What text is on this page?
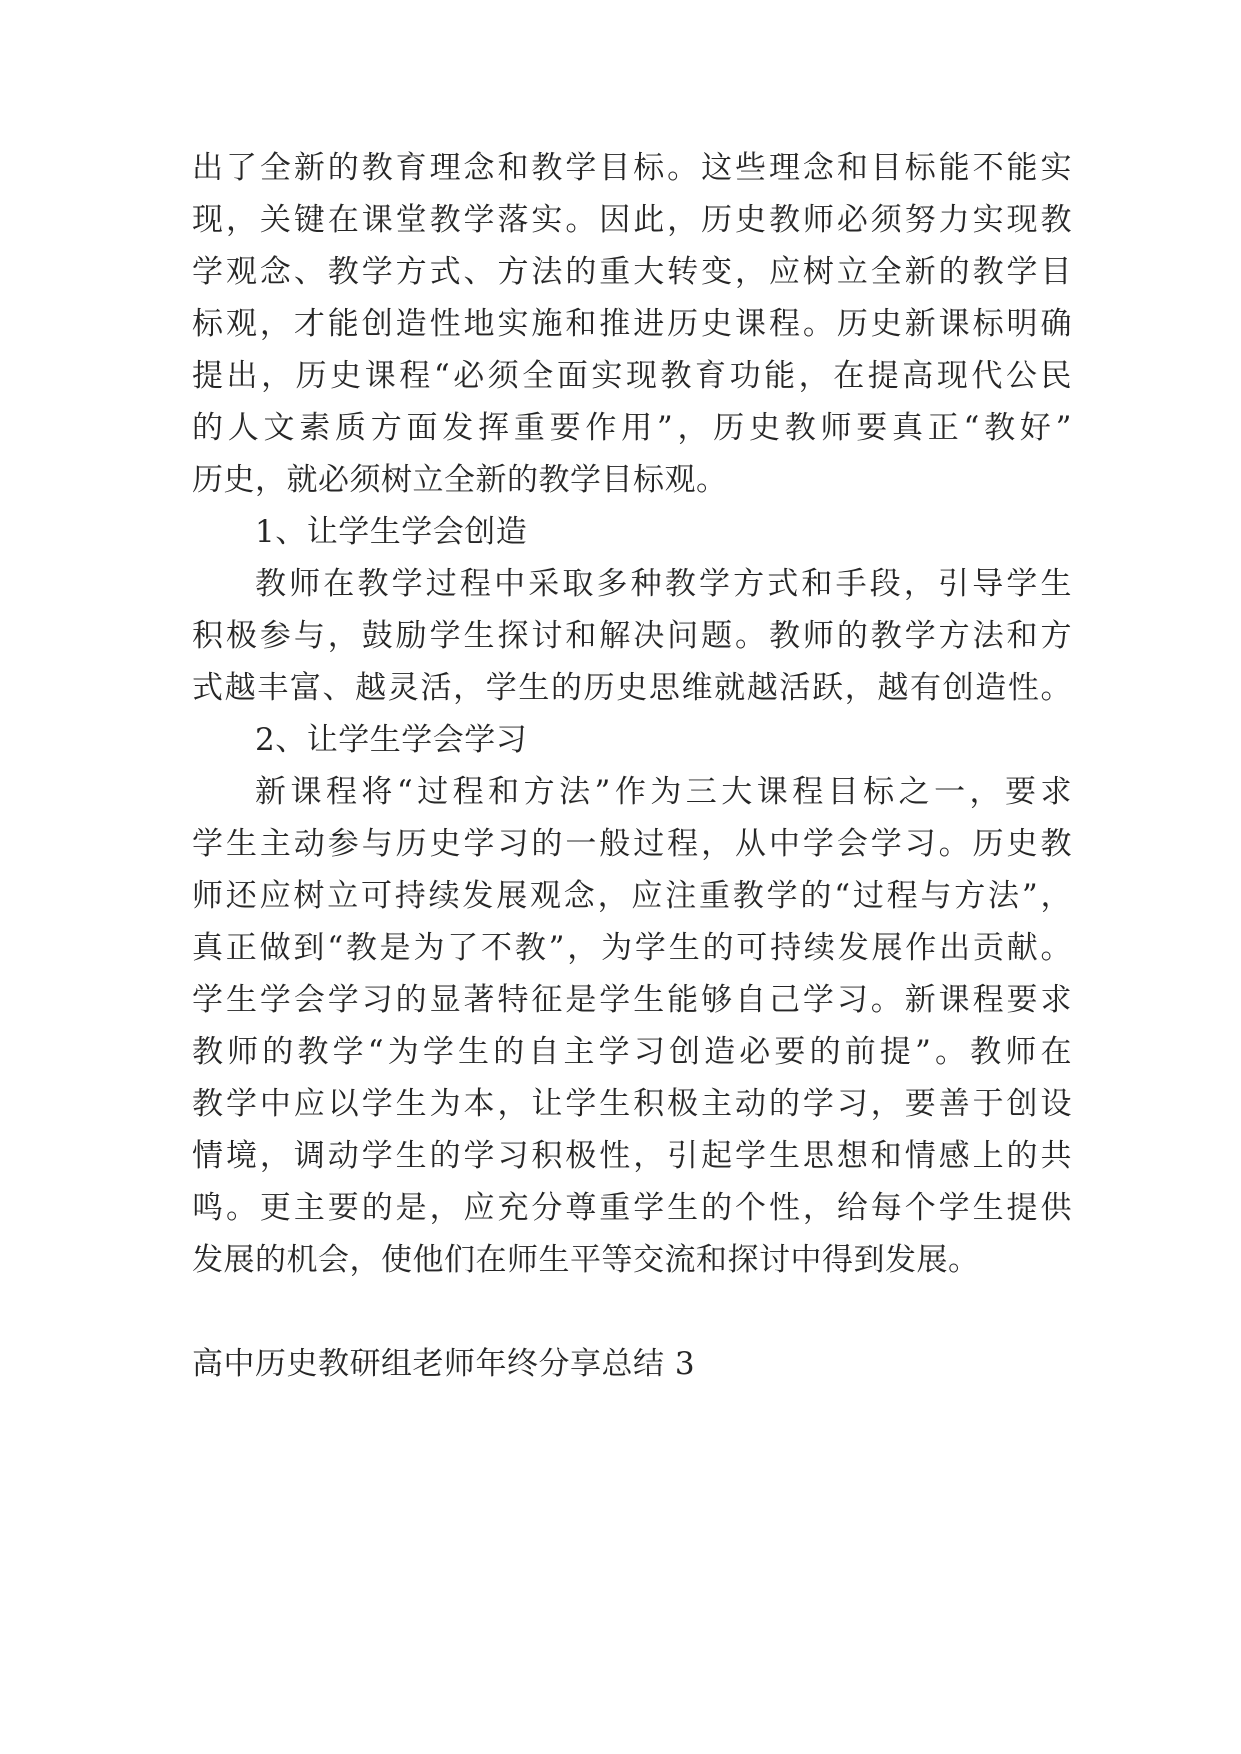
出了全新的教育理念和教学目标。这些理念和目标能不能实
现，关键在课堂教学落实。因此，历史教师必须努力实现教
学观念、教学方式、方法的重大转变，应树立全新的教学目
标观，才能创造性地实施和推进历史课程。历史新课标明确
提出，历史课程“必须全面实现教育功能，在提高现代公民
的人文素质方面发挥重要作用”，历史教师要真正“教好”
历史，就必须树立全新的教学目标观。
1、让学生学会创造
教师在教学过程中采取多种教学方式和手段，引导学生
积极参与，鼓励学生探讨和解决问题。教师的教学方法和方
式越丰富、越灵活，学生的历史思维就越活跃，越有创造性。
2、让学生学会学习
新课程将“过程和方法”作为三大课程目标之一，要求
学生主动参与历史学习的一般过程，从中学会学习。历史教
师还应树立可持续发展观念，应注重教学的“过程与方法”，
真正做到“教是为了不教”，为学生的可持续发展作出贡献。
学生学会学习的显著特征是学生能够自己学习。新课程要求
教师的教学“为学生的自主学习创造必要的前提”。教师在
教学中应以学生为本，让学生积极主动的学习，要善于创设
情境，调动学生的学习积极性，引起学生思想和情感上的共
鸣。更主要的是，应充分尊重学生的个性，给每个学生提供
发展的机会，使他们在师生平等交流和探讨中得到发展。
高中历史教研组老师年终分享总结 3
